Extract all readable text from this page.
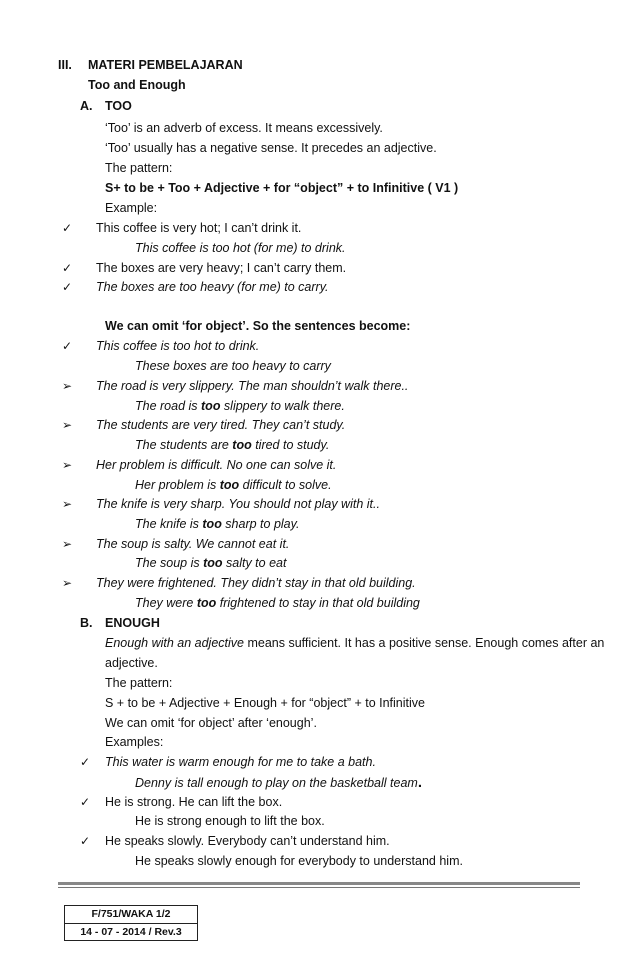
III. MATERI PEMBELAJARAN
Too and Enough
A. TOO
‘Too’ is an adverb of excess. It means excessively.
‘Too’ usually has a negative sense. It precedes an adjective.
The pattern:
S+ to be + Too + Adjective + for “object” + to Infinitive ( V1 )
Example:
✓ This coffee is very hot; I can’t drink it.
This coffee is too hot (for me) to drink.
✓ The boxes are very heavy; I can’t carry them.
✓ The boxes are too heavy (for me) to carry.
We can omit ‘for object’. So the sentences become:
✓ This coffee is too hot to drink.
These boxes are too heavy to carry
➢ The road is very slippery. The man shouldn’t walk there..
The road is too slippery to walk there.
➢ The students are very tired. They can’t study.
The students are too tired to study.
➢ Her problem is difficult. No one can solve it.
Her problem is too difficult to solve.
➢ The knife is very sharp. You should not play with it..
The knife is too sharp to play.
➢ The soup is salty. We cannot eat it.
The soup is too salty to eat
➢ They were frightened. They didn’t stay in that old building.
They were too frightened to stay in that old building
B. ENOUGH
Enough with an adjective means sufficient. It has a positive sense. Enough comes after an
adjective.
The pattern:
S + to be + Adjective + Enough + for “object” + to Infinitive
We can omit ‘for object’ after ‘enough’.
Examples:
✓ This water is warm enough for me to take a bath.
Denny is tall enough to play on the basketball team.
✓ He is strong. He can lift the box.
He is strong enough to lift the box.
✓ He speaks slowly. Everybody can’t understand him.
He speaks slowly enough for everybody to understand him.
F/751/WAKA 1/2
14 - 07 - 2014 / Rev.3
